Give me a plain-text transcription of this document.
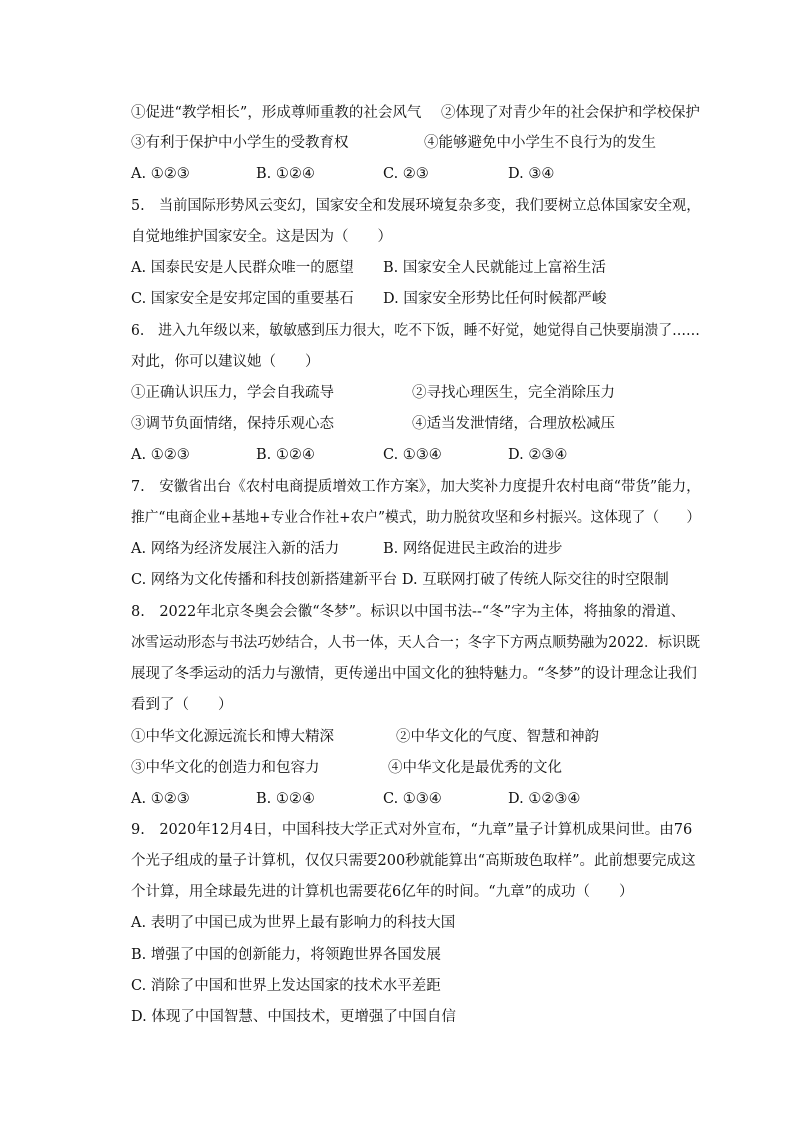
①促进“教学相长”，形成尊师重教的社会风气 ②体现了对青少年的社会保护和学校保护
③有利于保护中小学生的受教育权	④能够避免中小学生不良行为的发生
A. ①②③	B. ①②④	C. ②③	D. ③④
5.　当前国际形势风云变幻，国家安全和发展环境复杂多变，我们要树立总体国家安全观，
自觉地维护国家安全。这是因为（　　）
A. 国泰民安是人民群众唯一的愿望 B. 国家安全人民就能过上富裕生活
C. 国家安全是安邦定国的重要基石 D. 国家安全形势比任何时候都严峻
6.　进入九年级以来，敏敏感到压力很大，吃不下饭，睡不好觉，她觉得自己快要崩溃了……
对此，你可以建议她（　　）
①正确认识压力，学会自我疏导	②寻找心理医生，完全消除压力
③调节负面情绪，保持乐观心态	④适当发泄情绪，合理放松减压
A. ①②③	B. ①②④	C. ①③④	D. ②③④
7.　安徽省出台《农村电商提质增效工作方案》，加大奖补力度提升农村电商“带货”能力，
推广“电商企业+基地+专业合作社+农户”模式，助力脱贫攻坚和乡村振兴。这体现了（　　）
A. 网络为经济发展注入新的活力	B. 网络促进民主政治的进步
C. 网络为文化传播和科技创新搭建新平台 D. 互联网打破了传统人际交往的时空限制
8.　2022年北京冬奥会会徽“冬梦”。标识以中国书法--“冬”字为主体，将抽象的滑道、
冰雪运动形态与书法巧妙结合，人书一体，天人合一；冬字下方两点顺势融为2022．标识既
展现了冬季运动的活力与激情，更传递出中国文化的独特魅力。“冬梦”的设计理念让我们
看到了（　　）
①中华文化源远流长和博大精深	②中华文化的气度、智慧和神韵
③中华文化的创造力和包容力	④中华文化是最优秀的文化
A. ①②③	B. ①②④	C. ①③④	D. ①②③④
9.　2020年12月4日，中国科技大学正式对外宣布，“九章”量子计算机成果问世。由76
个光子组成的量子计算机，仅仅只需要200秒就能算出“高斯玻色取样”。此前想要完成这
个计算，用全球最先进的计算机也需要花6亿年的时间。“九章”的成功（　　）
A. 表明了中国已成为世界上最有影响力的科技大国
B. 增强了中国的创新能力，将领跑世界各国发展
C. 消除了中国和世界上发达国家的技术水平差距
D. 体现了中国智慧、中国技术，更增强了中国自信
